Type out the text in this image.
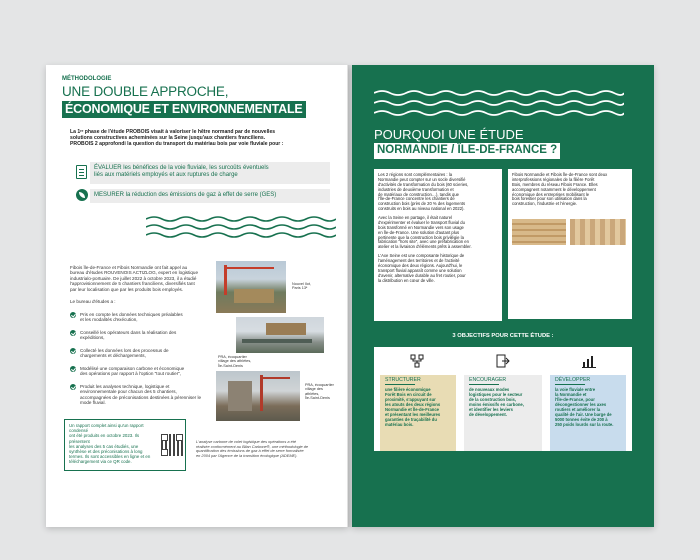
MÉTHODOLOGIE
UNE DOUBLE APPROCHE,
ÉCONOMIQUE ET ENVIRONNEMENTALE
La 1ʳᵉ phase de l'étude PROBOIS visait à valoriser le hêtre normand par de nouvelles
solutions constructives acheminées sur la Seine jusqu'aux chantiers franciliens.
PROBOIS 2 approfondi la question du transport du matériau bois par voie fluviale pour :
ÉVALUER les bénéfices de la voie fluviale, les surcoûts éventuels
liés aux matériels employés et aux ruptures de charge
MESURER la réduction des émissions de gaz à effet de serre (GES)
Fibois Île-de-France et Fibois Normandie ont fait appel au
bureau d'études ROUVENOIS ACTIZLOG, expert en logistique
industrialo-portuaire. De juillet 2022 à octobre 2023, il a étudié
l'approvisionnement de 5 chantiers franciliens, diversifiés tant
par leur localisation que par les produits bois employés.
Le bureau d'études a :
Pris en compte les données techniques préalables
et les modalités d'exécution,
Conseillé les opérateurs dans la réalisation des
expéditions,
Collecté les données lors des processus de
chargements et déchargements,
Modélisé une comparaison carbone et économique
des opérations par rapport à l'option "tout routier",
Produit les analyses technique, logistique et
environnementale pour chacun des 5 chantiers,
accompagnées de préconisations destinées à pérenniser le
mode fluvial.
Nouvel Ilot,
Paris 13ᵉ
PRA, écoquartier
village des athlètes,
Île-Saint-Denis
PRA, écoquartier
village des
athlètes,
Île-Saint-Denis
Un rapport complet ainsi qu'un rapport condensé
ont été produits en octobre 2023. Ils présentent
les analyses des 5 cas étudiés, une
synthèse et des préconisations à long
termes. Ils sont accessibles en ligne et en
téléchargement via ce QR code.
L'analyse carbone de volet logistique des opérations a été
réalisée conformément au Bilan Carbone®, une méthodologie de
quantification des émissions de gaz à effet de serre formalisée
en 2004 par l'Agence de la transition écologique (ADEME).
POURQUOI UNE ÉTUDE
NORMANDIE / ÎLE-DE-FRANCE ?
Les 2 régions sont complémentaires : la
Normandie peut compter sur un socle diversifié
d'activités de transformation du bois (60 scieries,
industries de deuxième transformation et
de matériaux de construction…), tandis que
l'Île-de-France concentre les chantiers de
construction bois (près de 20 % des logements
construits en bois au niveau national en 2022).
Avec la Seine en partage, il était naturel
d'expérimenter et évaluer le transport fluvial du
bois transformé en Normandie vers son usage
en Île-de-France. Une solution d'autant plus
pertinente que la construction bois privilégie la
fabrication "hors site", avec une préfabrication en
atelier et la livraison d'éléments prêts à assembler.
L'Axe Seine est une composante historique de
l'aménagement des territoires et de l'activité
économique des deux régions. Aujourd'hui, le
transport fluvial apparaît comme une solution
d'avenir, alternative durable au fret routier, pour
la distribution en cœur de ville.
Fibois Normandie et Fibois Île-de-France sont deux
interprofessions régionales de la filière Forêt
Bois, membres du réseau Fibois France. Elles
accompagnent notamment le développement
économique des entreprises mobilisant le
bois forestier pour son utilisation dans la
construction, l'industrie et l'énergie.
Il était naturel d'expérimenter
et évaluer le transport
fluvial du bois transformé en
Normandie vers son usage en
Île-de-France.
3 OBJECTIFS POUR CETTE ÉTUDE :
STRUCTURER
une filière économique
Forêt Bois en circuit de
proximité, s'appuyant sur
les atouts des deux régions
Normandie et Île-de-France
et présentant les meilleures
garanties de traçabilité du
matériau bois.
ENCOURAGER
de nouveaux modes
logistiques pour le secteur
de la construction bois,
moins émissifs en carbone,
et identifier les leviers
de développement.
DÉVELOPPER
la voie fluviale entre
la Normandie et
l'Île-de-France, pour
décongestionner les axes
routiers et améliorer la
qualité de l'air. Une barge de
5000 tonnes évite de 200 à
250 poids lourds sur la route.
